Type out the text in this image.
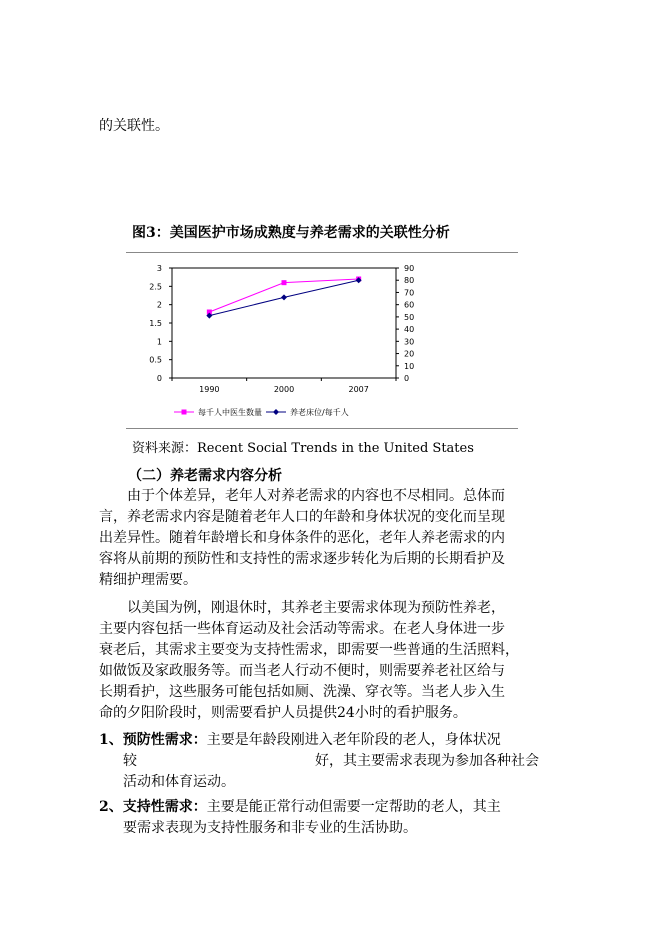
的关联性。
图3：美国医护市场成熟度与养老需求的关联性分析
0
0.5
1
1.5
2
2.5
3
0
10
20
30
40
50
60
70
80
90
1990	2000	2007
每千人中医生数量	养老床位/每千人
资料来源：Recent Social Trends in the United States
（二）养老需求内容分析
由于个体差异，老年人对养老需求的内容也不尽相同。总体而
言，养老需求内容是随着老年人口的年龄和身体状况的变化而呈现
出差异性。随着年龄增长和身体条件的恶化，老年人养老需求的内
容将从前期的预防性和支持性的需求逐步转化为后期的长期看护及
精细护理需要。
以美国为例，刚退休时，其养老主要需求体现为预防性养老，
主要内容包括一些体育运动及社会活动等需求。在老人身体进一步
衰老后，其需求主要变为支持性需求，即需要一些普通的生活照料，
如做饭及家政服务等。而当老人行动不便时，则需要养老社区给与
长期看护，这些服务可能包括如厕、洗澡、穿衣等。当老人步入生
命的夕阳阶段时，则需要看护人员提供24小时的看护服务。
1、预防性需求：主要是年龄段刚进入老年阶段的老人，身体状况
较	好，其主要需求表现为参加各种社会
活动和体育运动。
2、支持性需求：主要是能正常行动但需要一定帮助的老人，其主
要需求表现为支持性服务和非专业的生活协助。
